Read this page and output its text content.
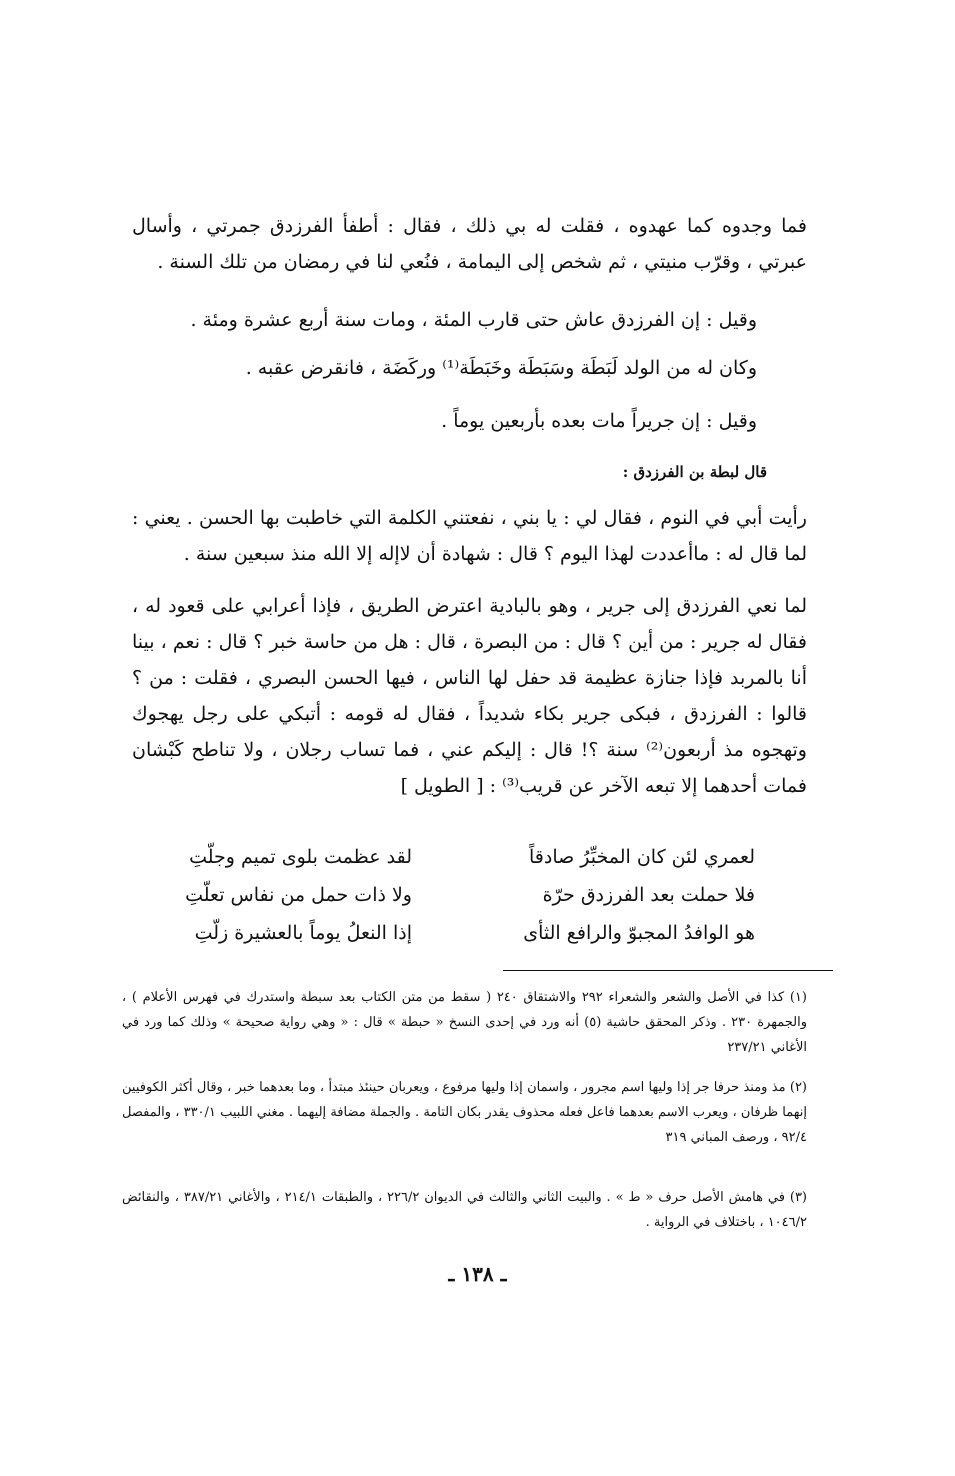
فما وجدوه كما عهدوه ، فقلت له بي ذلك ، فقال : أطفأ الفرزدق جمرتي ، وأسال عبرتي ، وقرّب منيتي ، ثم شخص إلى اليمامة ، فنُعي لنا في رمضان من تلك السنة .
وقيل : إن الفرزدق عاش حتى قارب المئة ، ومات سنة أربع عشرة ومئة .
وكان له من الولد لَبَطَة وسَبَطَة وخَبَطَة⁽¹⁾ وركَضَة ، فانقرض عقبه .
وقيل : إن جريراً مات بعده بأربعين يوماً .
قال لبطة بن الفرزدق :
رأيت أبي في النوم ، فقال لي : يا بني ، نفعتني الكلمة التي خاطبت بها الحسن . يعني : لما قال له : ماأعددت لهذا اليوم ؟ قال : شهادة أن لاإله إلا الله منذ سبعين سنة .
لما نعي الفرزدق إلى جرير ، وهو بالبادية اعترض الطريق ، فإذا أعرابي على قعود له ، فقال له جرير : من أين ؟ قال : من البصرة ، قال : هل من حاسة خبر ؟ قال : نعم ، بينا أنا بالمربد فإذا جنازة عظيمة قد حفل لها الناس ، فيها الحسن البصري ، فقلت : من ؟ قالوا : الفرزدق ، فبكى جرير بكاء شديداً ، فقال له قومه : أتبكي على رجل يهجوك وتهجوه مذ أربعون⁽²⁾ سنة ؟! قال : إليكم عني ، فما تساب رجلان ، ولا تناطح كَبْشان فمات أحدهما إلا تبعه الآخر عن قريب⁽³⁾ : [ الطويل ]
لعمري لئن كان المخبِّرُ صادقاً
لقد عظمت بلوى تميم وجلّتِ
فلا حملت بعد الفرزدق حرّة
ولا ذات حمل من نفاس تعلّتِ
هو الوافدُ المجبوّ والرافع الثأى
إذا النعلُ يوماً بالعشيرة زلّتِ
(١) كذا في الأصل والشعر والشعراء ٢٩٢ والاشتقاق ٢٤٠ ( سقط من متن الكتاب بعد سبطة واستدرك في فهرس الأعلام ) ، والجمهرة ٢٣٠ . وذكر المحقق حاشية (٥) أنه ورد في إحدى النسخ « حبطة » قال : « وهي رواية صحيحة » وذلك كما ورد في الأغاني ٢٣٧/٢١
(٢) مذ ومنذ حرفا جر إذا وليها اسم مجرور ، واسمان إذا وليها مرفوع ، ويعربان حينئذ مبتدأ ، وما بعدهما خبر ، وقال أكثر الكوفيين إنهما ظرفان ، ويعرب الاسم بعدهما فاعل فعله محذوف يقدر بكان التامة . والجملة مضافة إليهما . مغني اللبيب ٣٣٠/١ ، والمفصل ٩٢/٤ ، ورصف المباني ٣١٩
(٣) في هامش الأصل حرف « ط » . والبيت الثاني والثالث في الديوان ٢٢٦/٢ ، والطبقات ٢١٤/١ ، والأغاني ٣٨٧/٢١ ، والنقائض ١٠٤٦/٢ ، باختلاف في الرواية .
ـ ١٣٨ ـ
